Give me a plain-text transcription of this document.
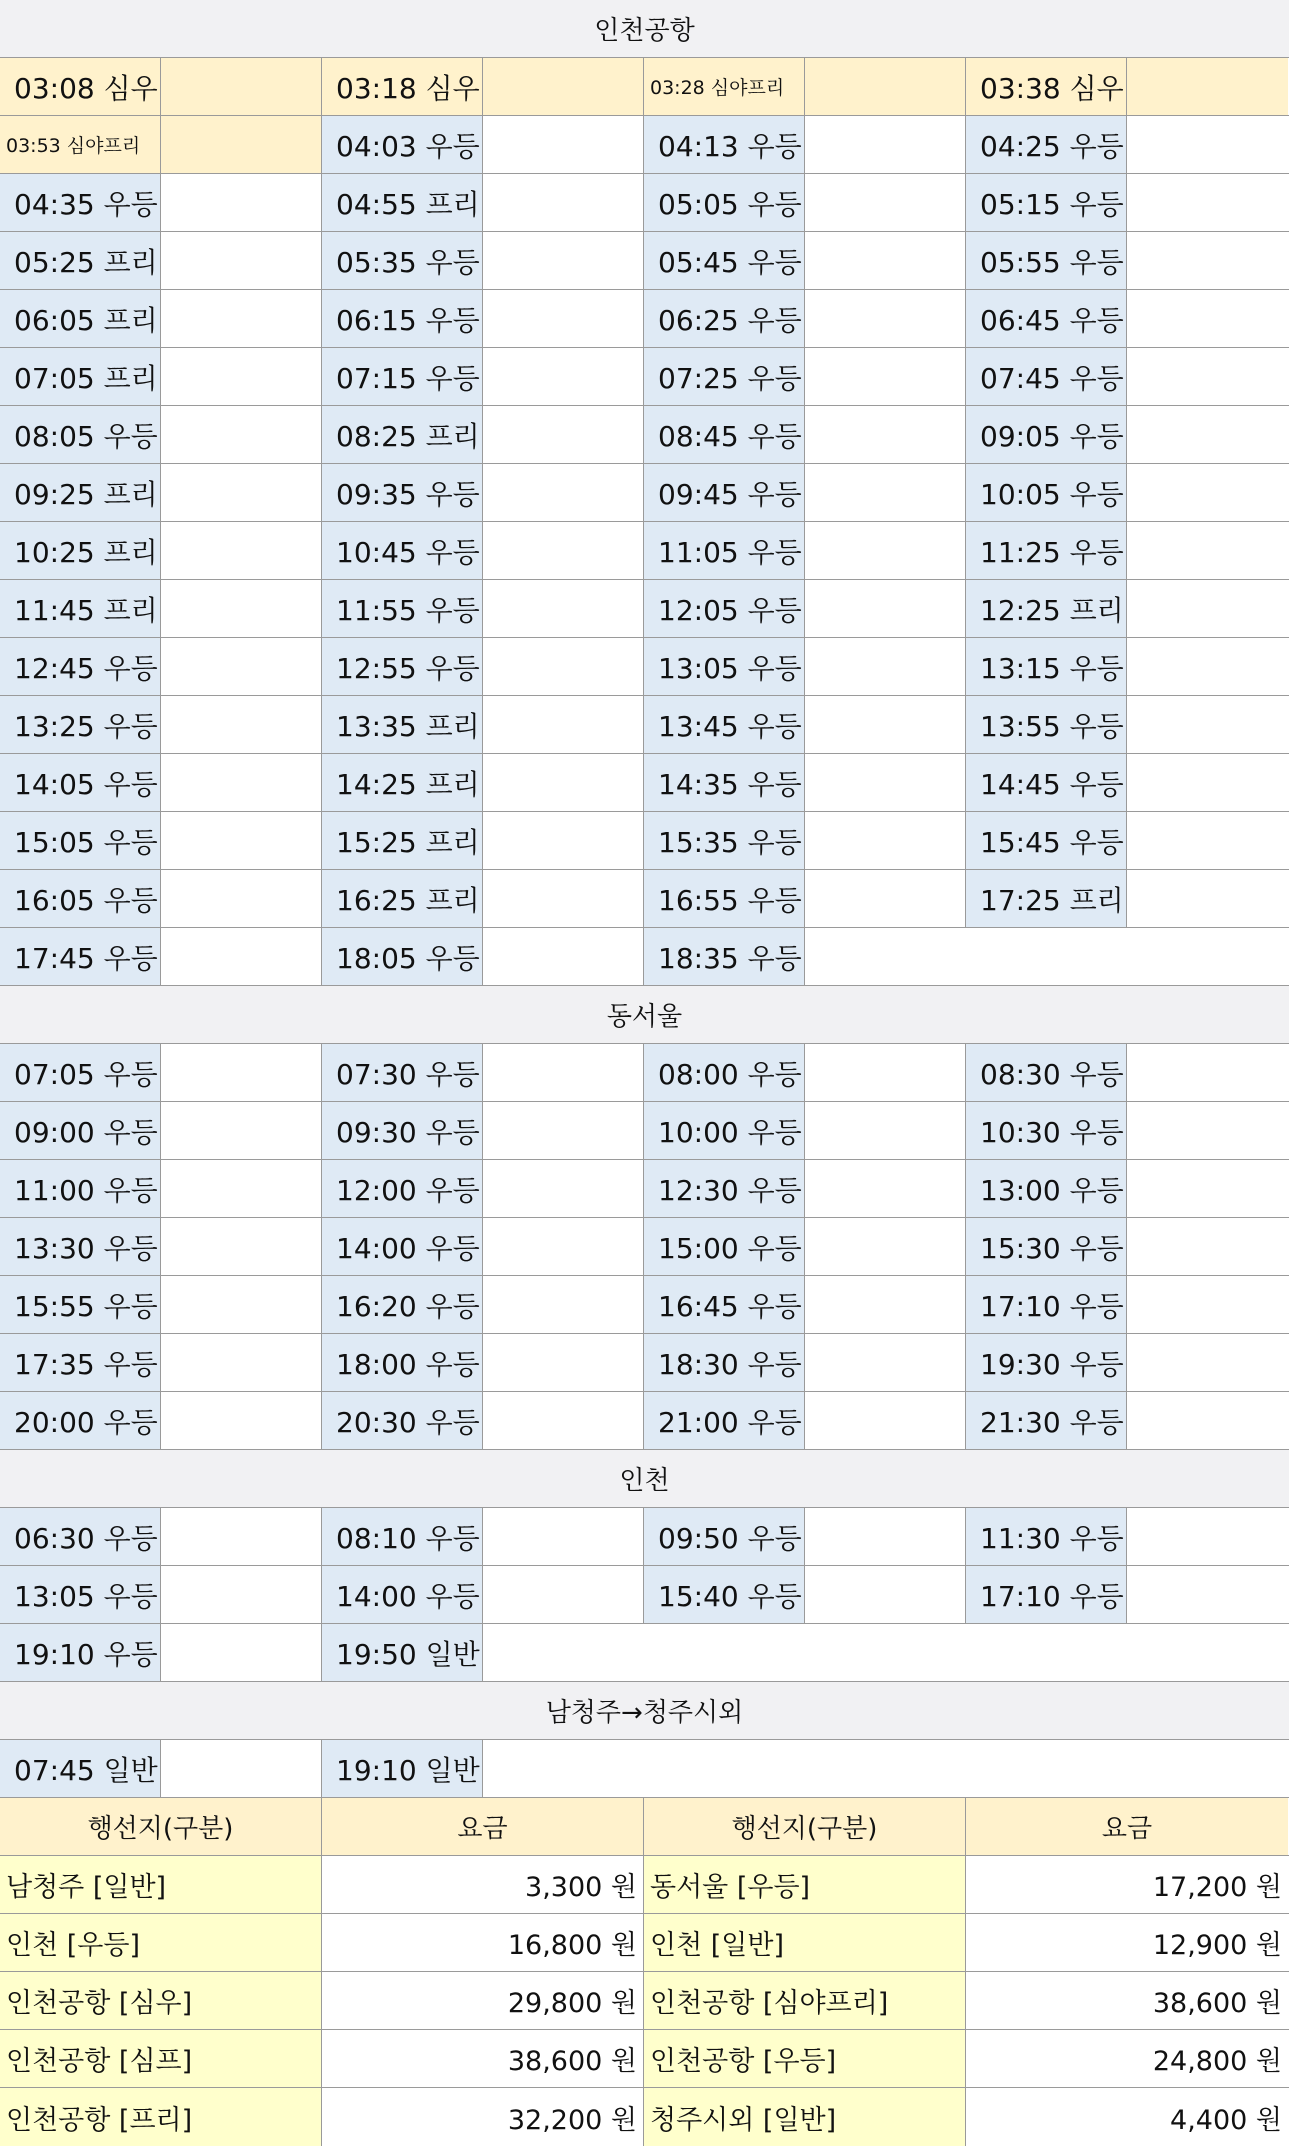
인천공항
03:08 심우	03:18 심우	03:28 심야프리	03:38 심우
03:53 심야프리	04:03 우등	04:13 우등	04:25 우등
04:35 우등	04:55 프리	05:05 우등	05:15 우등
05:25 프리	05:35 우등	05:45 우등	05:55 우등
06:05 프리	06:15 우등	06:25 우등	06:45 우등
07:05 프리	07:15 우등	07:25 우등	07:45 우등
08:05 우등	08:25 프리	08:45 우등	09:05 우등
09:25 프리	09:35 우등	09:45 우등	10:05 우등
10:25 프리	10:45 우등	11:05 우등	11:25 우등
11:45 프리	11:55 우등	12:05 우등	12:25 프리
12:45 우등	12:55 우등	13:05 우등	13:15 우등
13:25 우등	13:35 프리	13:45 우등	13:55 우등
14:05 우등	14:25 프리	14:35 우등	14:45 우등
15:05 우등	15:25 프리	15:35 우등	15:45 우등
16:05 우등	16:25 프리	16:55 우등	17:25 프리
17:45 우등	18:05 우등	18:35 우등
동서울
07:05 우등	07:30 우등	08:00 우등	08:30 우등
09:00 우등	09:30 우등	10:00 우등	10:30 우등
11:00 우등	12:00 우등	12:30 우등	13:00 우등
13:30 우등	14:00 우등	15:00 우등	15:30 우등
15:55 우등	16:20 우등	16:45 우등	17:10 우등
17:35 우등	18:00 우등	18:30 우등	19:30 우등
20:00 우등	20:30 우등	21:00 우등	21:30 우등
인천
06:30 우등	08:10 우등	09:50 우등	11:30 우등
13:05 우등	14:00 우등	15:40 우등	17:10 우등
19:10 우등	19:50 일반
남청주→청주시외
07:45 일반	19:10 일반
행선지(구분)	요금	행선지(구분)	요금
남청주 [일반]	3,300 원 동서울 [우등]	17,200 원
인천 [우등]	16,800 원 인천 [일반]	12,900 원
인천공항 [심우]	29,800 원 인천공항 [심야프리]	38,600 원
인천공항 [심프]	38,600 원 인천공항 [우등]	24,800 원
인천공항 [프리]	32,200 원 청주시외 [일반]	4,400 원
